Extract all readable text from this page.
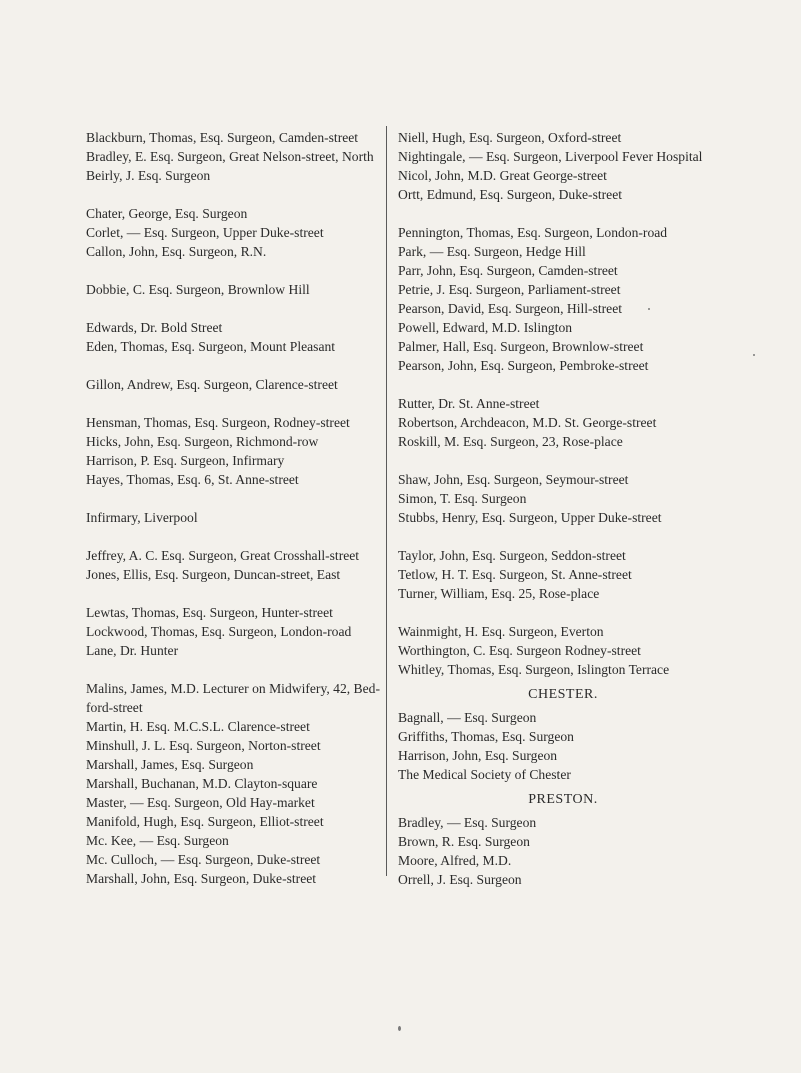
Blackburn, Thomas, Esq. Surgeon, Camden-street
Bradley, E. Esq. Surgeon, Great Nelson-street, North
Beirly, J. Esq. Surgeon
Chater, George, Esq. Surgeon
Corlet, — Esq. Surgeon, Upper Duke-street
Callon, John, Esq. Surgeon, R.N.
Dobbie, C. Esq. Surgeon, Brownlow Hill
Edwards, Dr. Bold Street
Eden, Thomas, Esq. Surgeon, Mount Pleasant
Gillon, Andrew, Esq. Surgeon, Clarence-street
Hensman, Thomas, Esq. Surgeon, Rodney-street
Hicks, John, Esq. Surgeon, Richmond-row
Harrison, P. Esq. Surgeon, Infirmary
Hayes, Thomas, Esq. 6, St. Anne-street
Infirmary, Liverpool
Jeffrey, A. C. Esq. Surgeon, Great Crosshall-street
Jones, Ellis, Esq. Surgeon, Duncan-street, East
Lewtas, Thomas, Esq. Surgeon, Hunter-street
Lockwood, Thomas, Esq. Surgeon, London-road
Lane, Dr. Hunter
Malins, James, M.D. Lecturer on Midwifery, 42, Bed-
ford-street
Martin, H. Esq. M.C.S.L. Clarence-street
Minshull, J. L. Esq. Surgeon, Norton-street
Marshall, James, Esq. Surgeon
Marshall, Buchanan, M.D. Clayton-square
Master, — Esq. Surgeon, Old Hay-market
Manifold, Hugh, Esq. Surgeon, Elliot-street
Mc. Kee, — Esq. Surgeon
Mc. Culloch, — Esq. Surgeon, Duke-street
Marshall, John, Esq. Surgeon, Duke-street
Niell, Hugh, Esq. Surgeon, Oxford-street
Nightingale, — Esq. Surgeon, Liverpool Fever Hospital
Nicol, John, M.D. Great George-street
Ortt, Edmund, Esq. Surgeon, Duke-street
Pennington, Thomas, Esq. Surgeon, London-road
Park, — Esq. Surgeon, Hedge Hill
Parr, John, Esq. Surgeon, Camden-street
Petrie, J. Esq. Surgeon, Parliament-street
Pearson, David, Esq. Surgeon, Hill-street
Powell, Edward, M.D. Islington
Palmer, Hall, Esq. Surgeon, Brownlow-street
Pearson, John, Esq. Surgeon, Pembroke-street
Rutter, Dr. St. Anne-street
Robertson, Archdeacon, M.D. St. George-street
Roskill, M. Esq. Surgeon, 23, Rose-place
Shaw, John, Esq. Surgeon, Seymour-street
Simon, T. Esq. Surgeon
Stubbs, Henry, Esq. Surgeon, Upper Duke-street
Taylor, John, Esq. Surgeon, Seddon-street
Tetlow, H. T. Esq. Surgeon, St. Anne-street
Turner, William, Esq. 25, Rose-place
Wainmight, H. Esq. Surgeon, Everton
Worthington, C. Esq. Surgeon Rodney-street
Whitley, Thomas, Esq. Surgeon, Islington Terrace
CHESTER.
Bagnall, — Esq. Surgeon
Griffiths, Thomas, Esq. Surgeon
Harrison, John, Esq. Surgeon
The Medical Society of Chester
PRESTON.
Bradley, — Esq. Surgeon
Brown, R. Esq. Surgeon
Moore, Alfred, M.D.
Orrell, J. Esq. Surgeon
